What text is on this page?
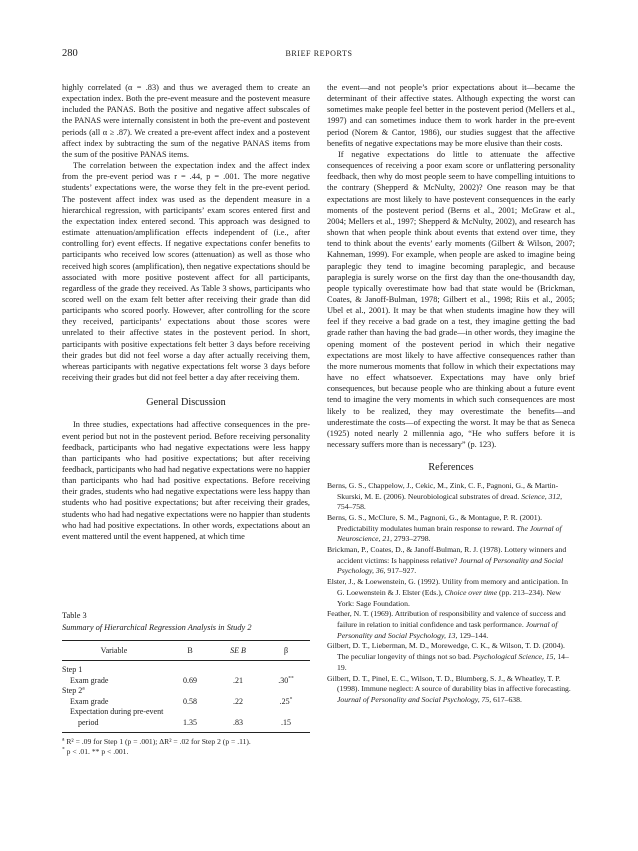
280	BRIEF REPORTS

highly correlated (α = .83) and thus we averaged them to create an expectation index. Both the pre-event measure and the postevent measure included the PANAS. Both the positive and negative affect subscales of the PANAS were internally consistent in both the pre-event and postevent periods (all α ≥ .87). We created a pre-event affect index and a postevent affect index by subtracting the sum of the negative PANAS items from the sum of the positive PANAS items.

The correlation between the expectation index and the affect index from the pre-event period was r = .44, p = .001. The more negative students’ expectations were, the worse they felt in the pre-event period. The postevent affect index was used as the dependent measure in a hierarchical regression, with participants’ exam scores entered first and the expectation index entered second. This approach was designed to estimate attenuation/amplification effects independent of (i.e., after controlling for) event effects. If negative expectations confer benefits to participants who received low scores (attenuation) as well as those who received high scores (amplification), then negative expectations should be associated with more positive postevent affect for all participants, regardless of the grade they received. As Table 3 shows, participants who scored well on the exam felt better after receiving their grade than did participants who scored poorly. However, after controlling for the score they received, participants’ expectations about those scores were unrelated to their affective states in the postevent period. In short, participants with positive expectations felt better 3 days before receiving their grades but did not feel worse a day after actually receiving them, whereas participants with negative expectations felt worse 3 days before receiving their grades but did not feel better a day after receiving them.

General Discussion

In three studies, expectations had affective consequences in the pre-event period but not in the postevent period. Before receiving personality feedback, participants who had negative expectations were less happy than participants who had positive expectations; but after receiving feedback, participants who had had negative expectations were no happier than participants who had had positive expectations. Before receiving their grades, students who had negative expectations were less happy than students who had positive expectations; but after receiving their grades, students who had had negative expectations were no happier than students who had had positive expectations. In other words, expectations about an event mattered until the event happened, at which time

Table 3

Summary of Hierarchical Regression Analysis in Study 2

Variable	B	SE B	β
Step 1			
Exam grade	0.69	.21	.30**
Step 2$^a$			
Exam grade	0.58	.22	.25*
Expectation during pre-event			
period	1.35	.83	.15

$^a$ R² = .09 for Step 1 (p = .001); ΔR² = .02 for Step 2 (p = .11).

* p < .01. ** p < .001.

the event—and not people’s prior expectations about it—became the determinant of their affective states. Although expecting the worst can sometimes make people feel better in the postevent period (Mellers et al., 1997) and can sometimes induce them to work harder in the pre-event period (Norem & Cantor, 1986), our studies suggest that the affective benefits of negative expectations may be more elusive than their costs.

If negative expectations do little to attenuate the affective consequences of receiving a poor exam score or unflattering personality feedback, then why do most people seem to have compelling intuitions to the contrary (Shepperd & McNulty, 2002)? One reason may be that expectations are most likely to have postevent consequences in the early moments of the postevent period (Berns et al., 2001; McGraw et al., 2004; Mellers et al., 1997; Shepperd & McNulty, 2002), and research has shown that when people think about events that extend over time, they tend to think about the events’ early moments (Gilbert & Wilson, 2007; Kahneman, 1999). For example, when people are asked to imagine being paraplegic they tend to imagine becoming paraplegic, and because paraplegia is surely worse on the first day than the one-thousandth day, people typically overestimate how bad that state would be (Brickman, Coates, & Janoff-Bulman, 1978; Gilbert et al., 1998; Riis et al., 2005; Ubel et al., 2001). It may be that when students imagine how they will feel if they receive a bad grade on a test, they imagine getting the bad grade rather than having the bad grade—in other words, they imagine the opening moment of the postevent period in which their negative expectations are most likely to have affective consequences rather than the more numerous moments that follow in which their expectations may have no effect whatsoever. Expectations may have only brief consequences, but because people who are thinking about a future event tend to imagine the very moments in which such consequences are most likely to be realized, they may overestimate the benefits—and underestimate the costs—of expecting the worst. It may be that as Seneca (1925) noted nearly 2 millennia ago, “He who suffers before it is necessary suffers more than is necessary” (p. 123).

References

Berns, G. S., Chappelow, J., Cekic, M., Zink, C. F., Pagnoni, G., & Martin-Skurski, M. E. (2006). Neurobiological substrates of dread. Science, 312, 754–758.

Berns, G. S., McClure, S. M., Pagnoni, G., & Montague, P. R. (2001). Predictability modulates human brain response to reward. The Journal of Neuroscience, 21, 2793–2798.

Brickman, P., Coates, D., & Janoff-Bulman, R. J. (1978). Lottery winners and accident victims: Is happiness relative? Journal of Personality and Social Psychology, 36, 917–927.

Elster, J., & Loewenstein, G. (1992). Utility from memory and anticipation. In G. Loewenstein & J. Elster (Eds.), Choice over time (pp. 213–234). New York: Sage Foundation.

Feather, N. T. (1969). Attribution of responsibility and valence of success and failure in relation to initial confidence and task performance. Journal of Personality and Social Psychology, 13, 129–144.

Gilbert, D. T., Lieberman, M. D., Morewedge, C. K., & Wilson, T. D. (2004). The peculiar longevity of things not so bad. Psychological Science, 15, 14–19.

Gilbert, D. T., Pinel, E. C., Wilson, T. D., Blumberg, S. J., & Wheatley, T. P. (1998). Immune neglect: A source of durability bias in affective forecasting. Journal of Personality and Social Psychology, 75, 617–638.
